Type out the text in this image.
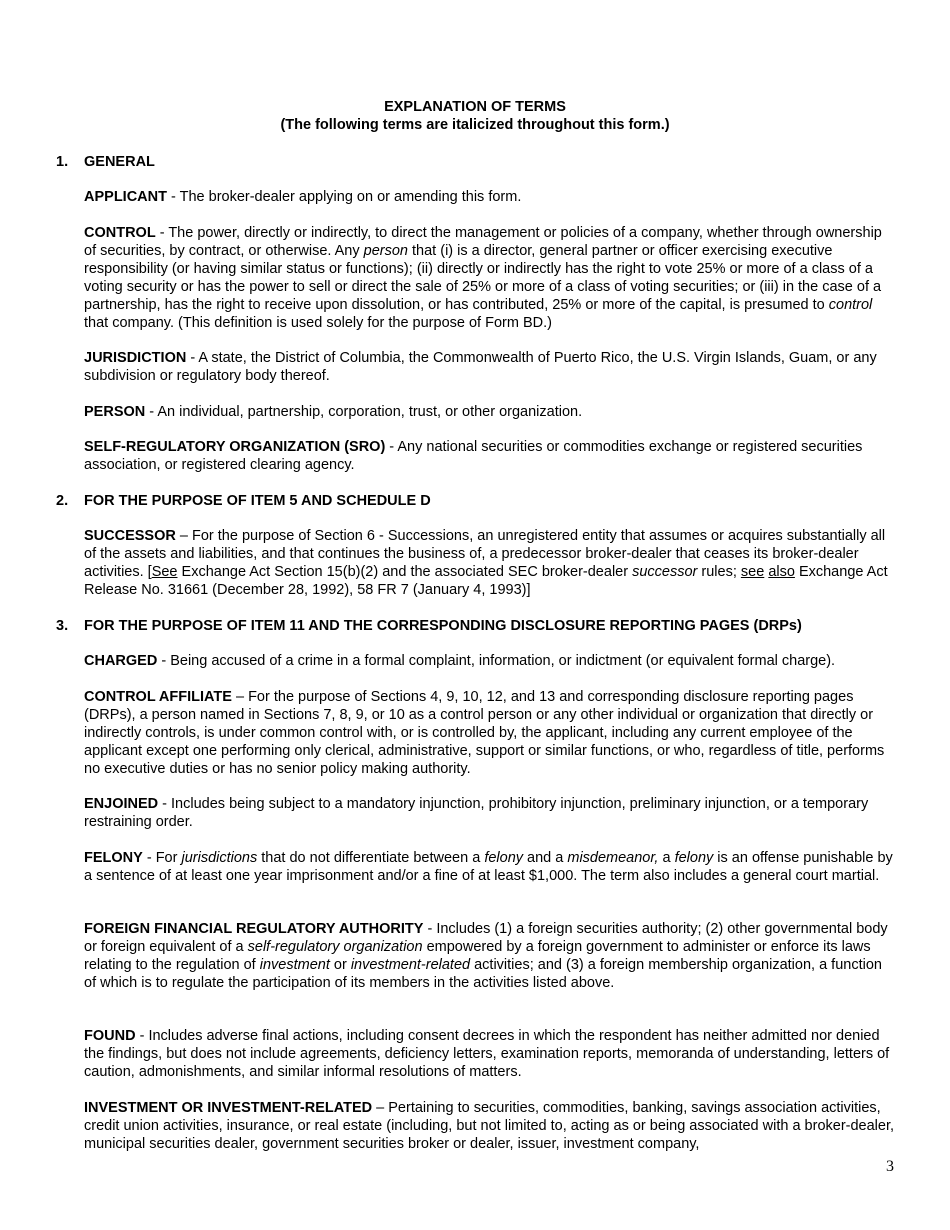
EXPLANATION OF TERMS
(The following terms are italicized throughout this form.)
1. GENERAL
APPLICANT - The broker-dealer applying on or amending this form.
CONTROL - The power, directly or indirectly, to direct the management or policies of a company, whether through ownership of securities, by contract, or otherwise. Any person that (i) is a director, general partner or officer exercising executive responsibility (or having similar status or functions); (ii) directly or indirectly has the right to vote 25% or more of a class of a voting security or has the power to sell or direct the sale of 25% or more of a class of voting securities; or (iii) in the case of a partnership, has the right to receive upon dissolution, or has contributed, 25% or more of the capital, is presumed to control that company. (This definition is used solely for the purpose of Form BD.)
JURISDICTION - A state, the District of Columbia, the Commonwealth of Puerto Rico, the U.S. Virgin Islands, Guam, or any subdivision or regulatory body thereof.
PERSON - An individual, partnership, corporation, trust, or other organization.
SELF-REGULATORY ORGANIZATION (SRO) - Any national securities or commodities exchange or registered securities association, or registered clearing agency.
2. FOR THE PURPOSE OF ITEM 5 AND SCHEDULE D
SUCCESSOR – For the purpose of Section 6 - Successions, an unregistered entity that assumes or acquires substantially all of the assets and liabilities, and that continues the business of, a predecessor broker-dealer that ceases its broker-dealer activities. [See Exchange Act Section 15(b)(2) and the associated SEC broker-dealer successor rules; see also Exchange Act Release No. 31661 (December 28, 1992), 58 FR 7 (January 4, 1993)]
3. FOR THE PURPOSE OF ITEM 11 AND THE CORRESPONDING DISCLOSURE REPORTING PAGES (DRPs)
CHARGED - Being accused of a crime in a formal complaint, information, or indictment (or equivalent formal charge).
CONTROL AFFILIATE – For the purpose of Sections 4, 9, 10, 12, and 13 and corresponding disclosure reporting pages (DRPs), a person named in Sections 7, 8, 9, or 10 as a control person or any other individual or organization that directly or indirectly controls, is under common control with, or is controlled by, the applicant, including any current employee of the applicant except one performing only clerical, administrative, support or similar functions, or who, regardless of title, performs no executive duties or has no senior policy making authority.
ENJOINED - Includes being subject to a mandatory injunction, prohibitory injunction, preliminary injunction, or a temporary restraining order.
FELONY - For jurisdictions that do not differentiate between a felony and a misdemeanor, a felony is an offense punishable by a sentence of at least one year imprisonment and/or a fine of at least $1,000. The term also includes a general court martial.
FOREIGN FINANCIAL REGULATORY AUTHORITY - Includes (1) a foreign securities authority; (2) other governmental body or foreign equivalent of a self-regulatory organization empowered by a foreign government to administer or enforce its laws relating to the regulation of investment or investment-related activities; and (3) a foreign membership organization, a function of which is to regulate the participation of its members in the activities listed above.
FOUND - Includes adverse final actions, including consent decrees in which the respondent has neither admitted nor denied the findings, but does not include agreements, deficiency letters, examination reports, memoranda of understanding, letters of caution, admonishments, and similar informal resolutions of matters.
INVESTMENT OR INVESTMENT-RELATED – Pertaining to securities, commodities, banking, savings association activities, credit union activities, insurance, or real estate (including, but not limited to, acting as or being associated with a broker-dealer, municipal securities dealer, government securities broker or dealer, issuer, investment company,
3
